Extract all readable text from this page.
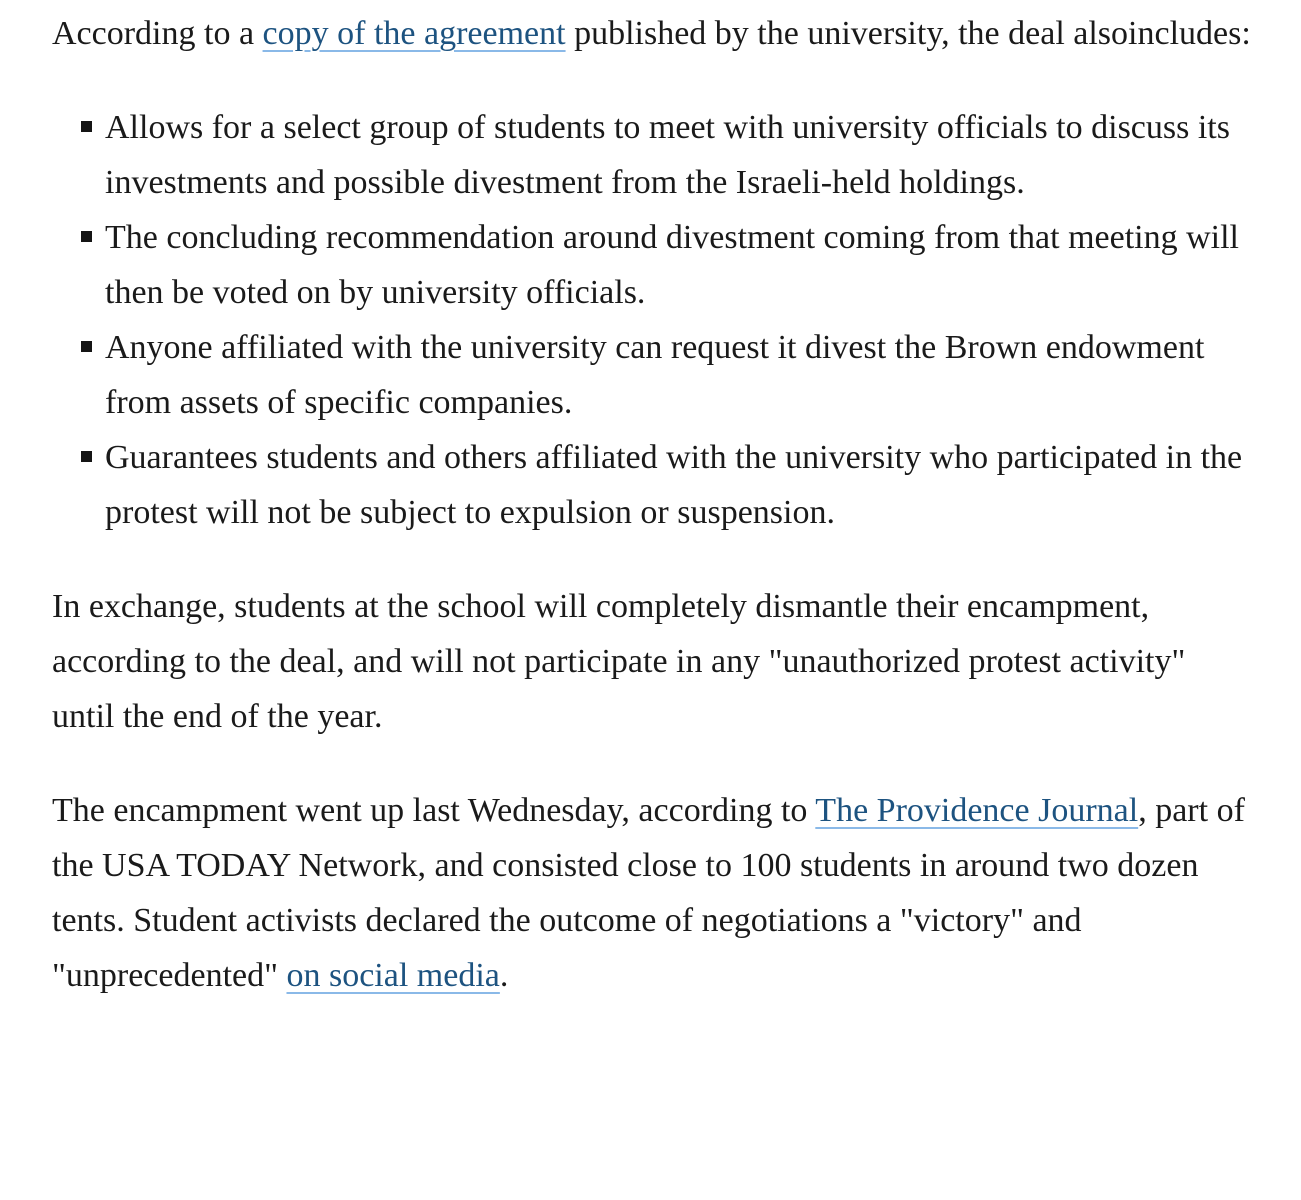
According to a copy of the agreement published by the university, the deal alsoincludes:

Allows for a select group of students to meet with university officials to discuss its investments and possible divestment from the Israeli-held holdings.
The concluding recommendation around divestment coming from that meeting will then be voted on by university officials.
Anyone affiliated with the university can request it divest the Brown endowment from assets of specific companies.
Guarantees students and others affiliated with the university who participated in the protest will not be subject to expulsion or suspension.

In exchange, students at the school will completely dismantle their encampment, according to the deal, and will not participate in any "unauthorized protest activity" until the end of the year.

The encampment went up last Wednesday, according to The Providence Journal, part of the USA TODAY Network, and consisted close to 100 students in around two dozen tents. Student activists declared the outcome of negotiations a "victory" and "unprecedented" on social media.
